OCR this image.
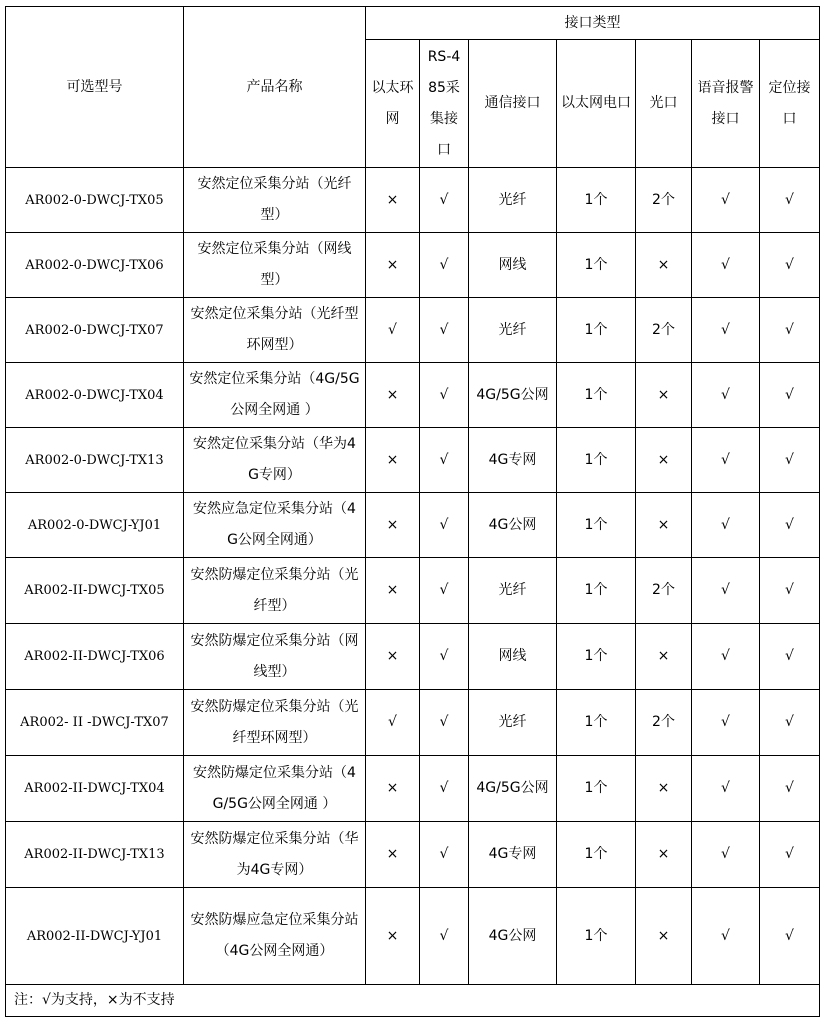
可选型号	产品名称	接口类型						
		以太环网	RS-485采集接口	通信接口	以太网电口	光口	语音报警接口	定位接口
AR002-0-DWCJ-TX05	安然定位采集分站（光纤型）	×	√	光纤	1个	2个	√	√
AR002-0-DWCJ-TX06	安然定位采集分站（网线型）	×	√	网线	1个	×	√	√
AR002-0-DWCJ-TX07	安然定位采集分站（光纤型环网型）	√	√	光纤	1个	2个	√	√
AR002-0-DWCJ-TX04	安然定位采集分站（4G/5G公网全网通 ）	×	√	4G/5G公网	1个	×	√	√
AR002-0-DWCJ-TX13	安然定位采集分站（华为4G专网）	×	√	4G专网	1个	×	√	√
AR002-0-DWCJ-YJ01	安然应急定位采集分站（4G公网全网通）	×	√	4G公网	1个	×	√	√
AR002-II-DWCJ-TX05	安然防爆定位采集分站（光纤型）	×	√	光纤	1个	2个	√	√
AR002-II-DWCJ-TX06	安然防爆定位采集分站（网线型）	×	√	网线	1个	×	√	√
AR002- II -DWCJ-TX07	安然防爆定位采集分站（光纤型环网型）	√	√	光纤	1个	2个	√	√
AR002-II-DWCJ-TX04	安然防爆定位采集分站（4G/5G公网全网通 ）	×	√	4G/5G公网	1个	×	√	√
AR002-II-DWCJ-TX13	安然防爆定位采集分站（华为4G专网）	×	√	4G专网	1个	×	√	√
AR002-II-DWCJ-YJ01	安然防爆应急定位采集分站（4G公网全网通）	×	√	4G公网	1个	×	√	√
注：√为支持，×为不支持								
